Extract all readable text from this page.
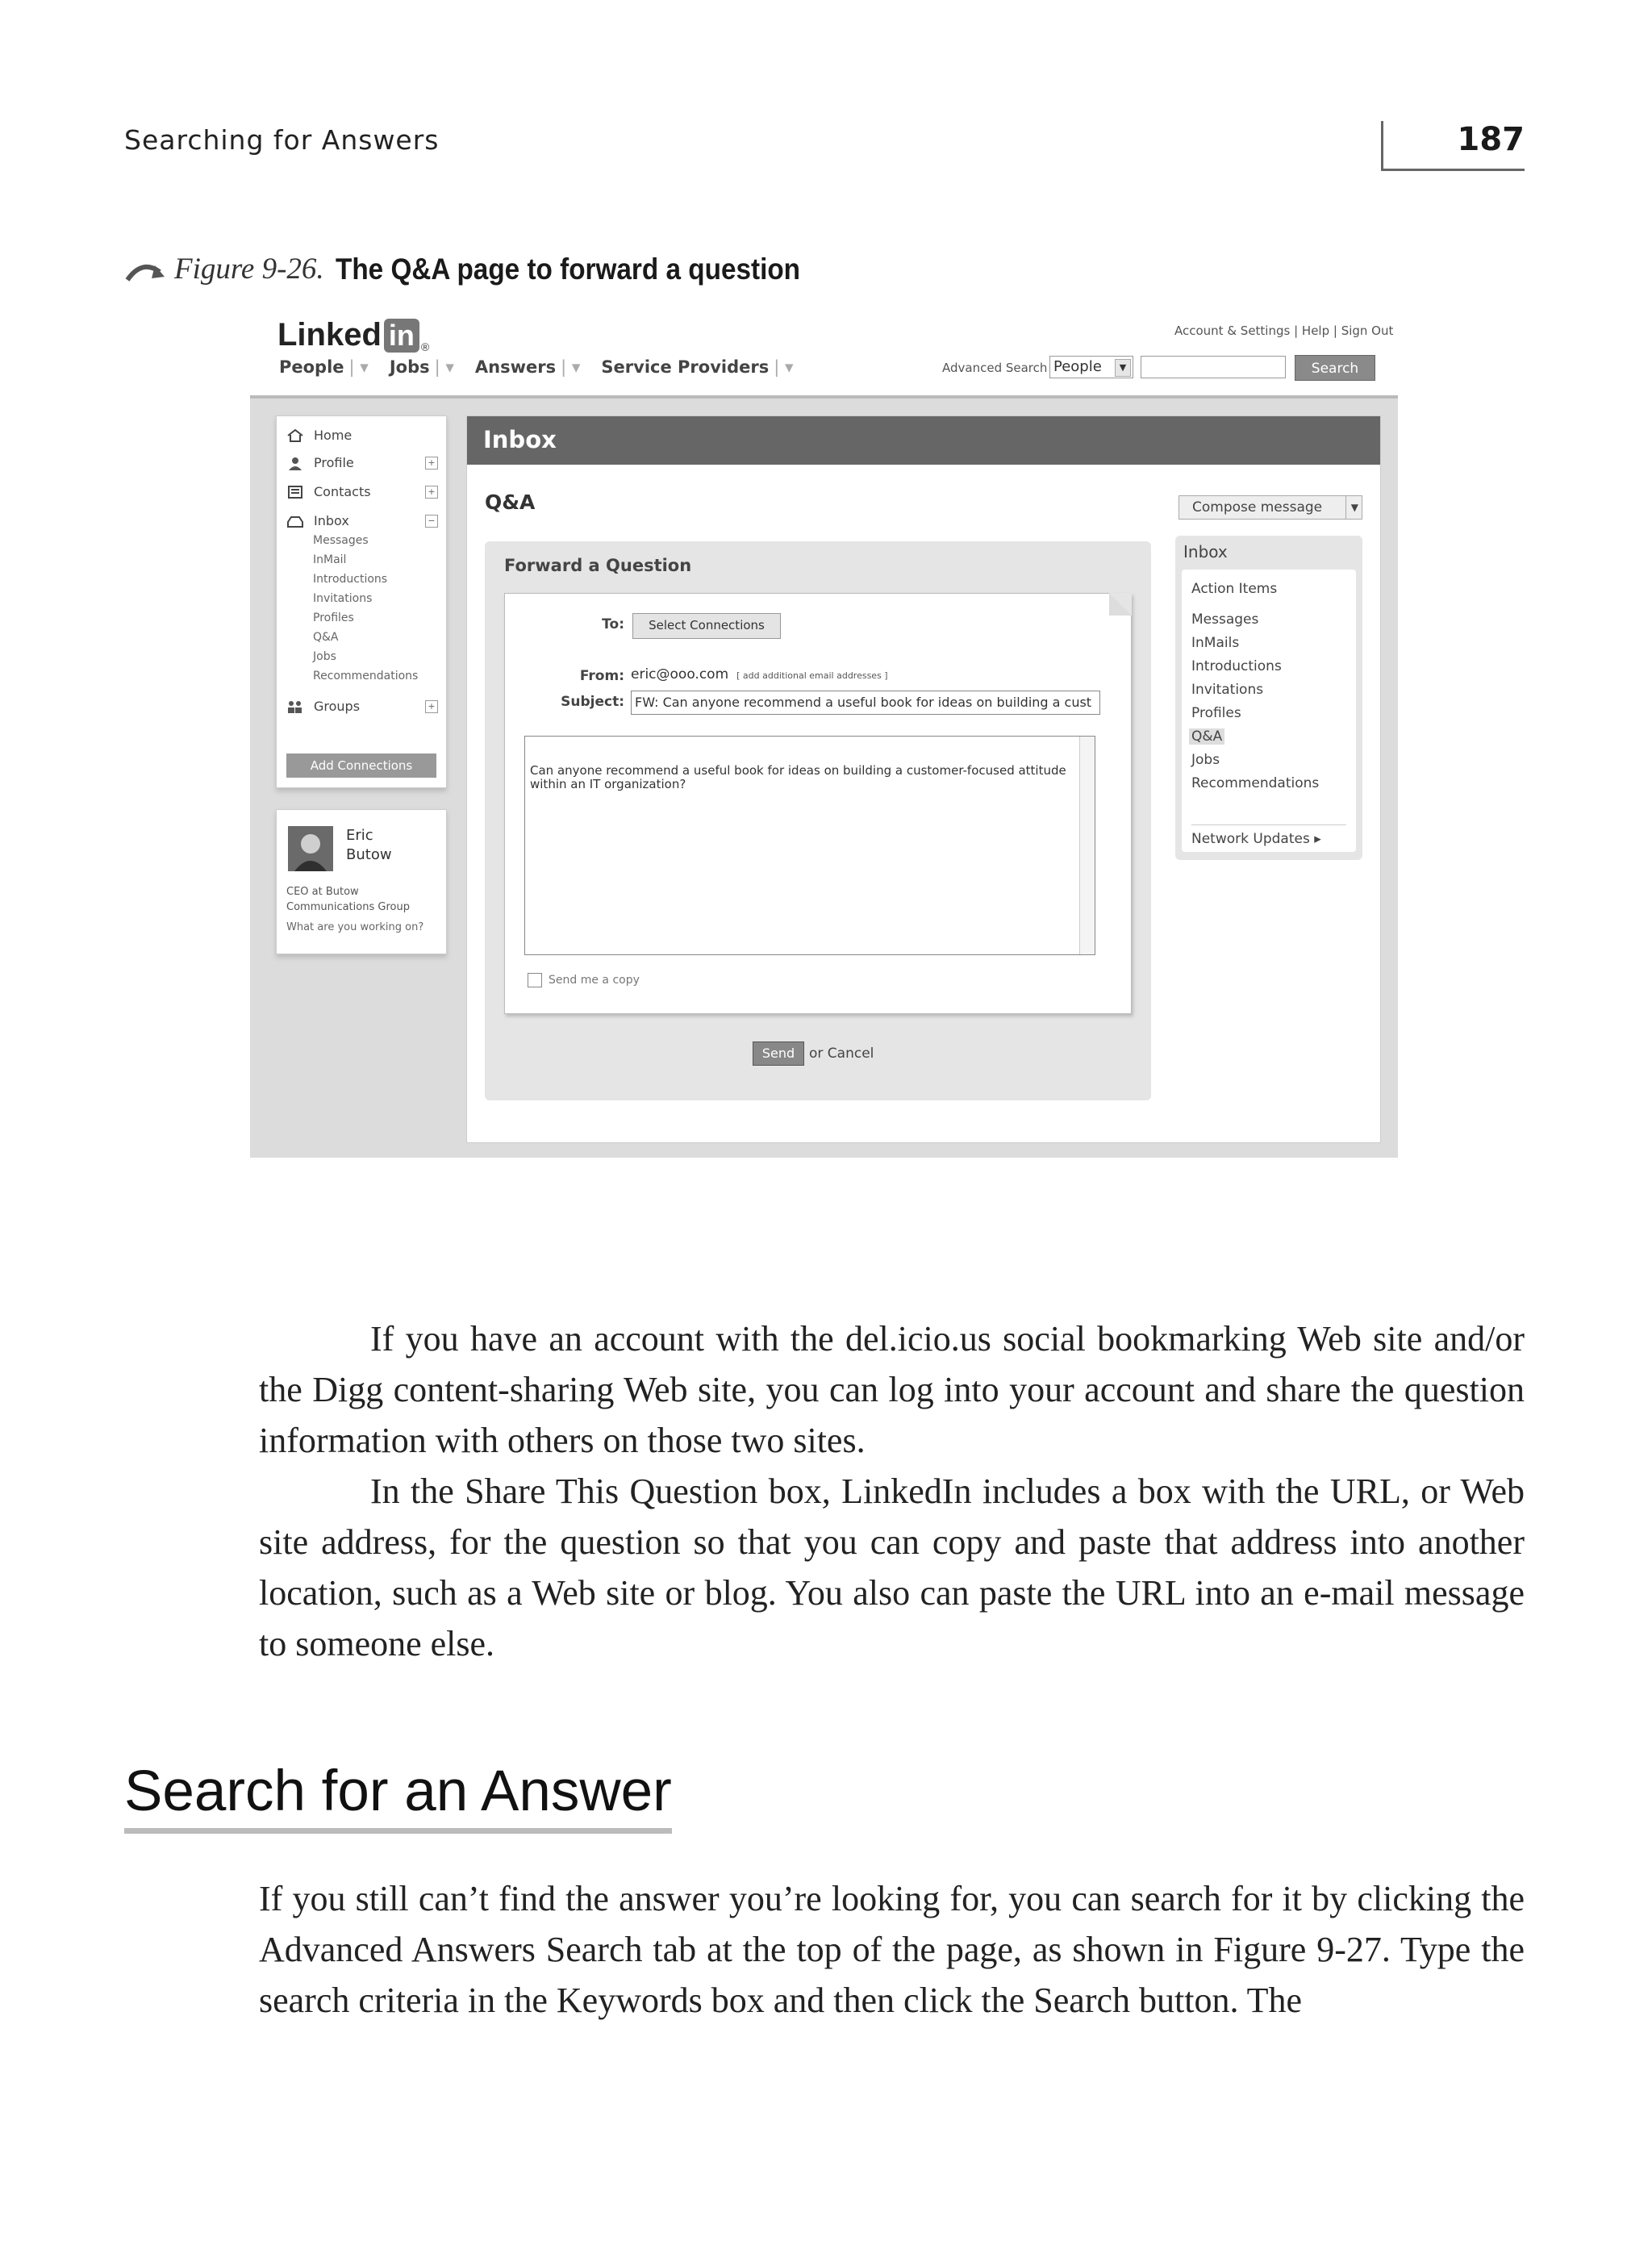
Searching for Answers	187
Figure 9-26. The Q&A page to forward a question
Linked in ®
People | ▾	Jobs | ▾	Answers | ▾	Service Providers | ▾
Account & Settings | Help | Sign Out
Advanced Search People	▼	Search
Home
Profile	+
Contacts	+
Inbox	−
Messages
InMail
Introductions
Invitations
Profiles
Q&A
Jobs
Recommendations
Groups	+
Add Connections
Eric
Butow
CEO at Butow Communications Group
What are you working on?
Inbox
Q&A	Compose message	▼
Forward a Question
To:	Select Connections
From: eric@ooo.com [ add additional email addresses ]
Subject: FW: Can anyone recommend a useful book for ideas on building a cust
Can anyone recommend a useful book for ideas on building a customer-focused attitude within an IT organization?
Send me a copy
Send	or Cancel
Inbox
Action Items
Messages
InMails
Introductions
Invitations
Profiles
Q&A
Jobs
Recommendations
Network Updates ▸
If you have an account with the del.icio.us social bookmarking Web site and/or the Digg content-sharing Web site, you can log into your account and share the question information with others on those two sites.
In the Share This Question box, LinkedIn includes a box with the URL, or Web site address, for the question so that you can copy and paste that address into another location, such as a Web site or blog. You also can paste the URL into an e-mail message to someone else.
Search for an Answer
If you still can’t find the answer you’re looking for, you can search for it by clicking the Advanced Answers Search tab at the top of the page, as shown in Figure 9-27. Type the search criteria in the Keywords box and then click the Search button. The
